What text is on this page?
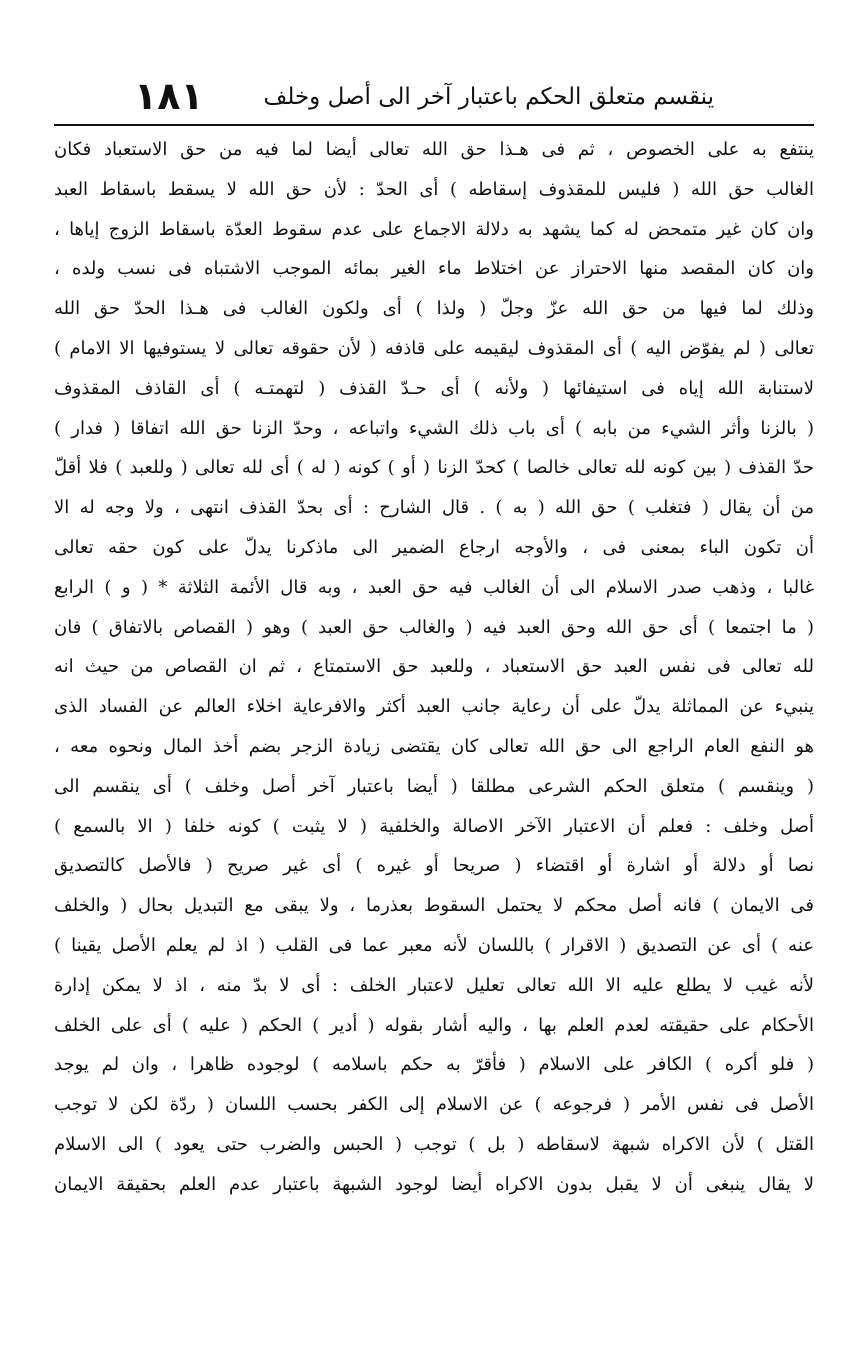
ينقسم متعلق الحكم باعتبار آخر الى أصل وخلف
١٨١
ينتفع به على الخصوص ، ثم فى هـذا حق الله تعالى أيضا لما فيه من حق الاستعباد فكان
الغالب حق الله ( فليس للمقذوف إسقاطه ) أى الحدّ : لأن حق الله لا يسقط باسقاط العبد
وان كان غير متمحض له كما يشهد به دلالة الاجماع على عدم سقوط العدّة باسقاط الزوج إياها ،
وان كان المقصد منها الاحتراز عن اختلاط ماء الغير بمائه الموجب الاشتباه فى نسب ولده ،
وذلك لما فيها من حق الله عزّ وجلّ ( ولذا ) أى ولكون الغالب فى هـذا الحدّ حق الله
تعالى ( لم يفوّض اليه ) أى المقذوف ليقيمه على قاذفه ( لأن حقوقه تعالى لا يستوفيها الا الامام )
لاستنابة الله إياه فى استيفائها ( ولأنه ) أى حـدّ القذف ( لتهمتـه ) أى القاذف المقذوف
( بالزنا وأثر الشيء من بابه ) أى باب ذلك الشيء واتباعه ، وحدّ الزنا حق الله اتفاقا ( فدار )
حدّ القذف ( بين كونه لله تعالى خالصا ) كحدّ الزنا ( أو ) كونه ( له ) أى لله تعالى ( وللعبد ) فلا أقلّ
من أن يقال ( فتغلب ) حق الله ( به ) . قال الشارح : أى بحدّ القذف انتهى ، ولا وجه له الا
أن تكون الباء بمعنى فى ، والأوجه ارجاع الضمير الى ماذكرنا يدلّ على كون حقه تعالى
غالبا ، وذهب صدر الاسلام الى أن الغالب فيه حق العبد ، وبه قال الأئمة الثلاثة * ( و ) الرابع
( ما اجتمعا ) أى حق الله وحق العبد فيه ( والغالب حق العبد ) وهو ( القصاص بالاتفاق ) فان
لله تعالى فى نفس العبد حق الاستعباد ، وللعبد حق الاستمتاع ، ثم ان القصاص من حيث انه
ينبيء عن المماثلة يدلّ على أن رعاية جانب العبد أكثر والافرعاية اخلاء العالم عن الفساد الذى
هو النفع العام الراجع الى حق الله تعالى كان يقتضى زيادة الزجر بضم أخذ المال ونحوه معه ،
( وينقسم ) متعلق الحكم الشرعى مطلقا ( أيضا باعتبار آخر أصل وخلف ) أى ينقسم الى
أصل وخلف : فعلم أن الاعتبار الآخر الاصالة والخلفية ( لا يثبت ) كونه خلفا ( الا بالسمع )
نصا أو دلالة أو اشارة أو اقتضاء ( صريحا أو غيره ) أى غير صريح ( فالأصل كالتصديق
فى الايمان ) فانه أصل محكم لا يحتمل السقوط بعذرما ، ولا يبقى مع التبديل بحال ( والخلف
عنه ) أى عن التصديق ( الاقرار ) باللسان لأنه معبر عما فى القلب ( اذ لم يعلم الأصل يقينا )
لأنه غيب لا يطلع عليه الا الله تعالى تعليل لاعتبار الخلف : أى لا بدّ منه ، اذ لا يمكن إدارة
الأحكام على حقيقته لعدم العلم بها ، واليه أشار بقوله ( أدير ) الحكم ( عليه ) أى على الخلف
( فلو أكره ) الكافر على الاسلام ( فأقرّ به حكم باسلامه ) لوجوده ظاهرا ، وان لم يوجد
الأصل فى نفس الأمر ( فرجوعه ) عن الاسلام إلى الكفر بحسب اللسان ( ردّة لكن لا توجب
القتل ) لأن الاكراه شبهة لاسقاطه ( بل ) توجب ( الحبس والضرب حتى يعود ) الى الاسلام
لا يقال ينبغى أن لا يقبل بدون الاكراه أيضا لوجود الشبهة باعتبار عدم العلم بحقيقة الايمان
